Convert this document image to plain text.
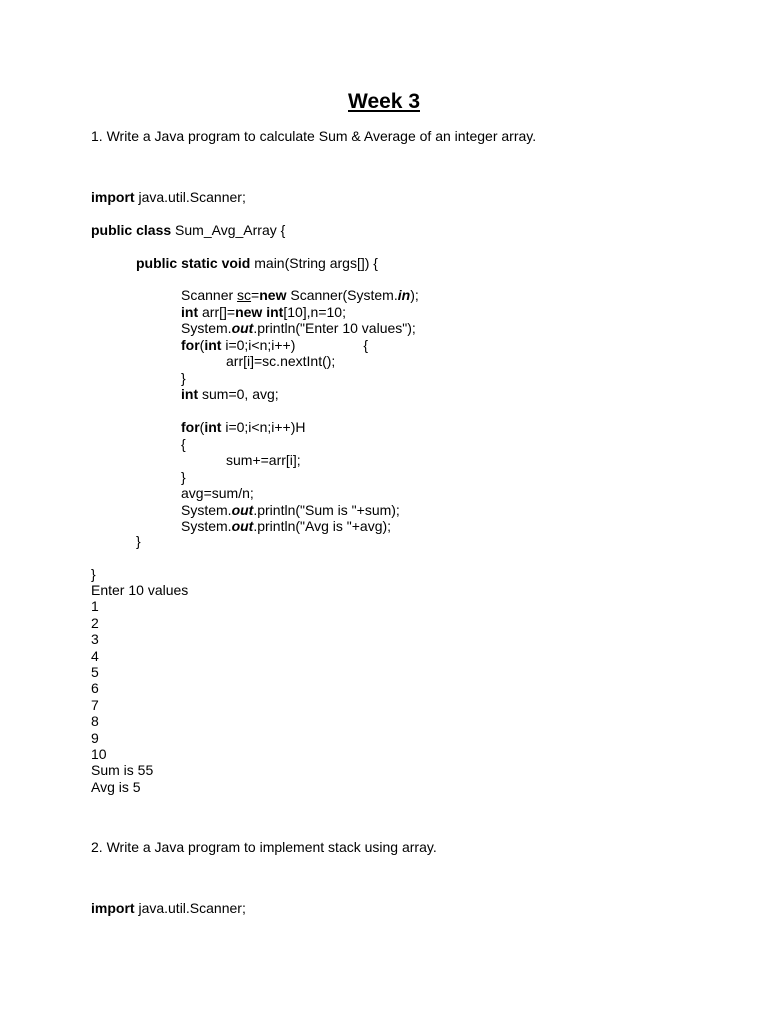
Week 3
1. Write a Java program to calculate Sum & Average of an integer array.
import java.util.Scanner;
public class Sum_Avg_Array {
public static void main(String args[]) {
Scanner sc=new Scanner(System.in);
int arr[]=new int[10],n=10;
System.out.println("Enter 10 values");
for(int i=0;i<n;i++)	{
arr[i]=sc.nextInt();
}
int sum=0, avg;
for(int i=0;i<n;i++)H
{
sum+=arr[i];
}
avg=sum/n;
System.out.println("Sum is "+sum);
System.out.println("Avg is "+avg);
}
}
Enter 10 values
1
2
3
4
5
6
7
8
9
10
Sum is 55
Avg is 5
2. Write a Java program to implement stack using array.
import java.util.Scanner;
